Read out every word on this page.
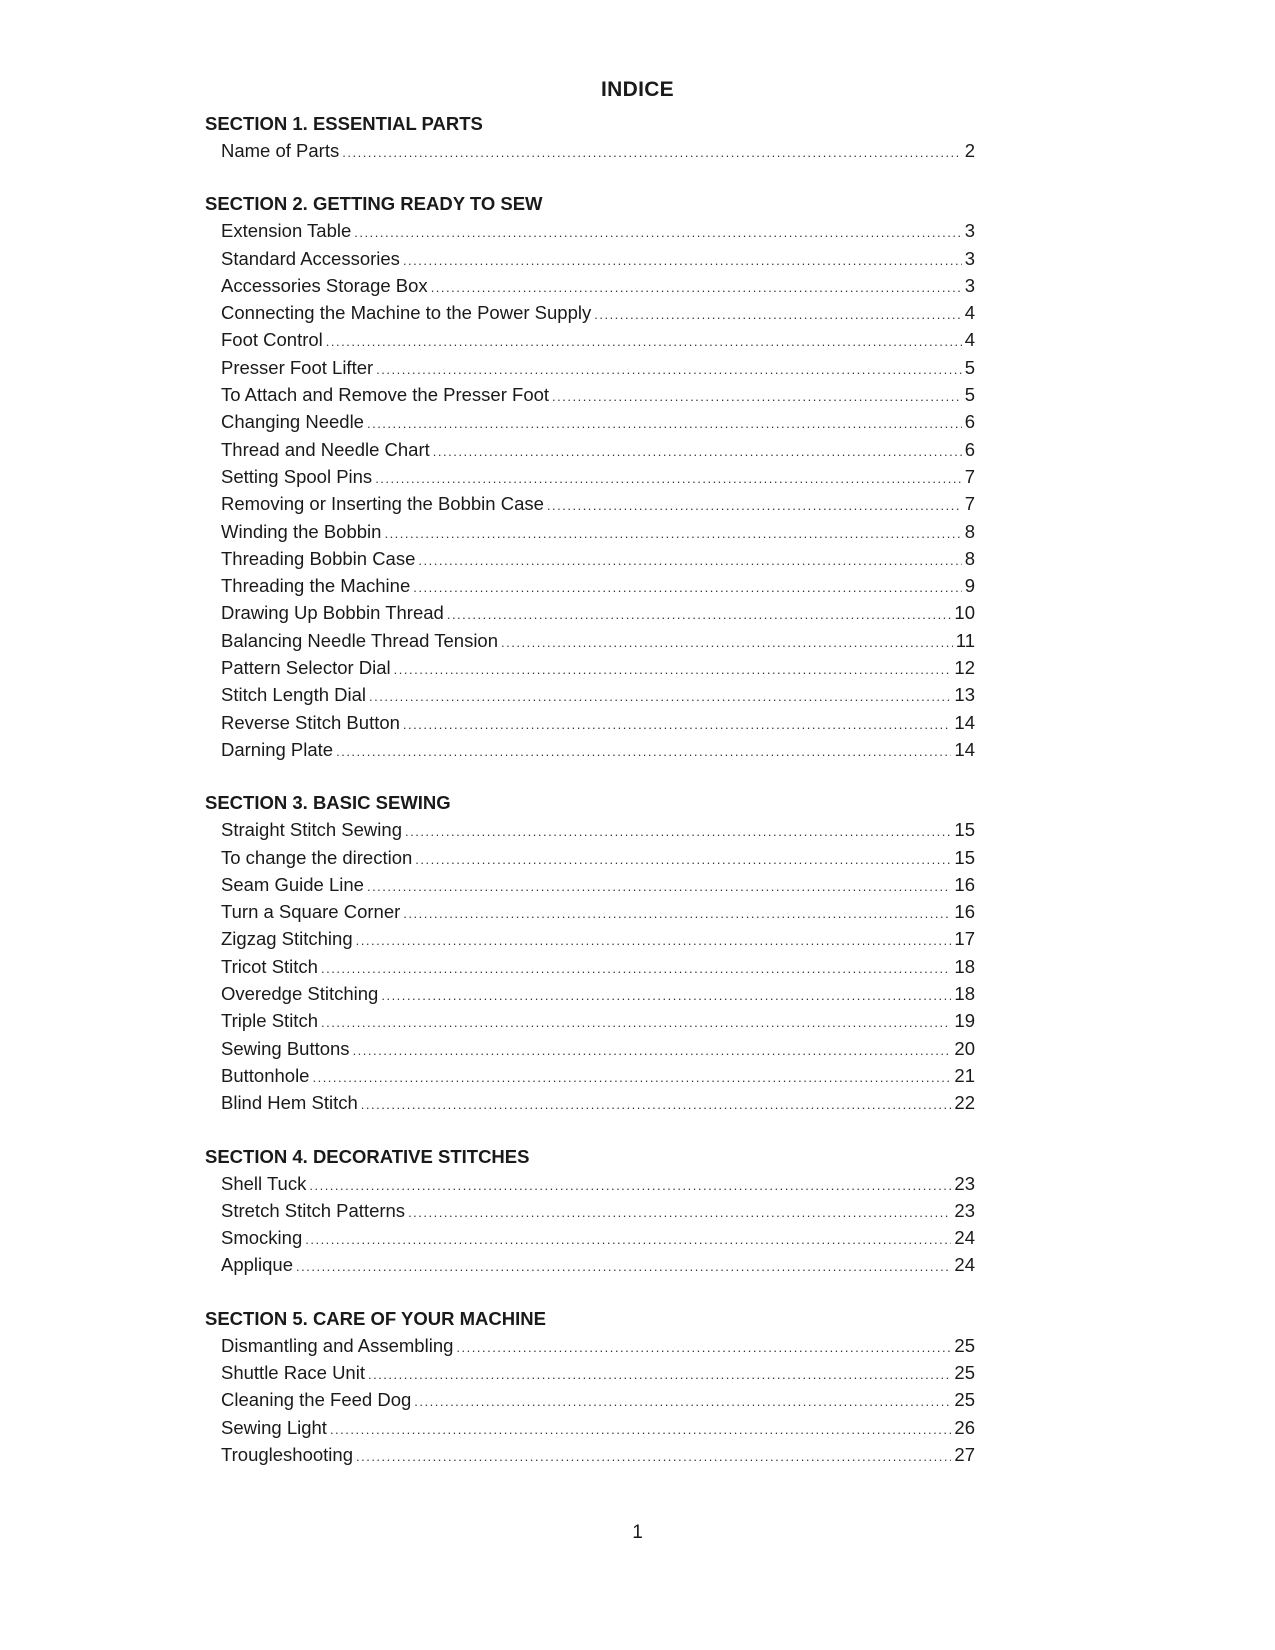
INDICE
SECTION 1. ESSENTIAL PARTS
Name of Parts .....	2
SECTION 2. GETTING READY TO SEW
Extension Table .....	3
Standard Accessories .....	3
Accessories Storage Box .....	3
Connecting the Machine to the Power Supply .....	4
Foot Control .....	4
Presser Foot Lifter .....	5
To Attach and Remove the Presser Foot .....	5
Changing Needle .....	6
Thread and Needle Chart .....	6
Setting Spool Pins .....	7
Removing or Inserting the Bobbin Case .....	7
Winding the Bobbin .....	8
Threading Bobbin Case .....	8
Threading the Machine .....	9
Drawing Up Bobbin Thread .....	10
Balancing Needle Thread Tension .....	11
Pattern Selector Dial .....	12
Stitch Length Dial .....	13
Reverse Stitch Button .....	14
Darning Plate .....	14
SECTION 3. BASIC SEWING
Straight Stitch Sewing .....	15
To change the direction .....	15
Seam Guide Line .....	16
Turn a Square Corner .....	16
Zigzag Stitching .....	17
Tricot Stitch .....	18
Overedge Stitching .....	18
Triple Stitch .....	19
Sewing Buttons .....	20
Buttonhole .....	21
Blind Hem Stitch .....	22
SECTION 4. DECORATIVE STITCHES
Shell Tuck .....	23
Stretch Stitch Patterns .....	23
Smocking .....	24
Applique .....	24
SECTION 5. CARE OF YOUR MACHINE
Dismantling and Assembling .....	25
Shuttle Race Unit .....	25
Cleaning the Feed Dog .....	25
Sewing Light .....	26
Trougleshooting .....	27
1
